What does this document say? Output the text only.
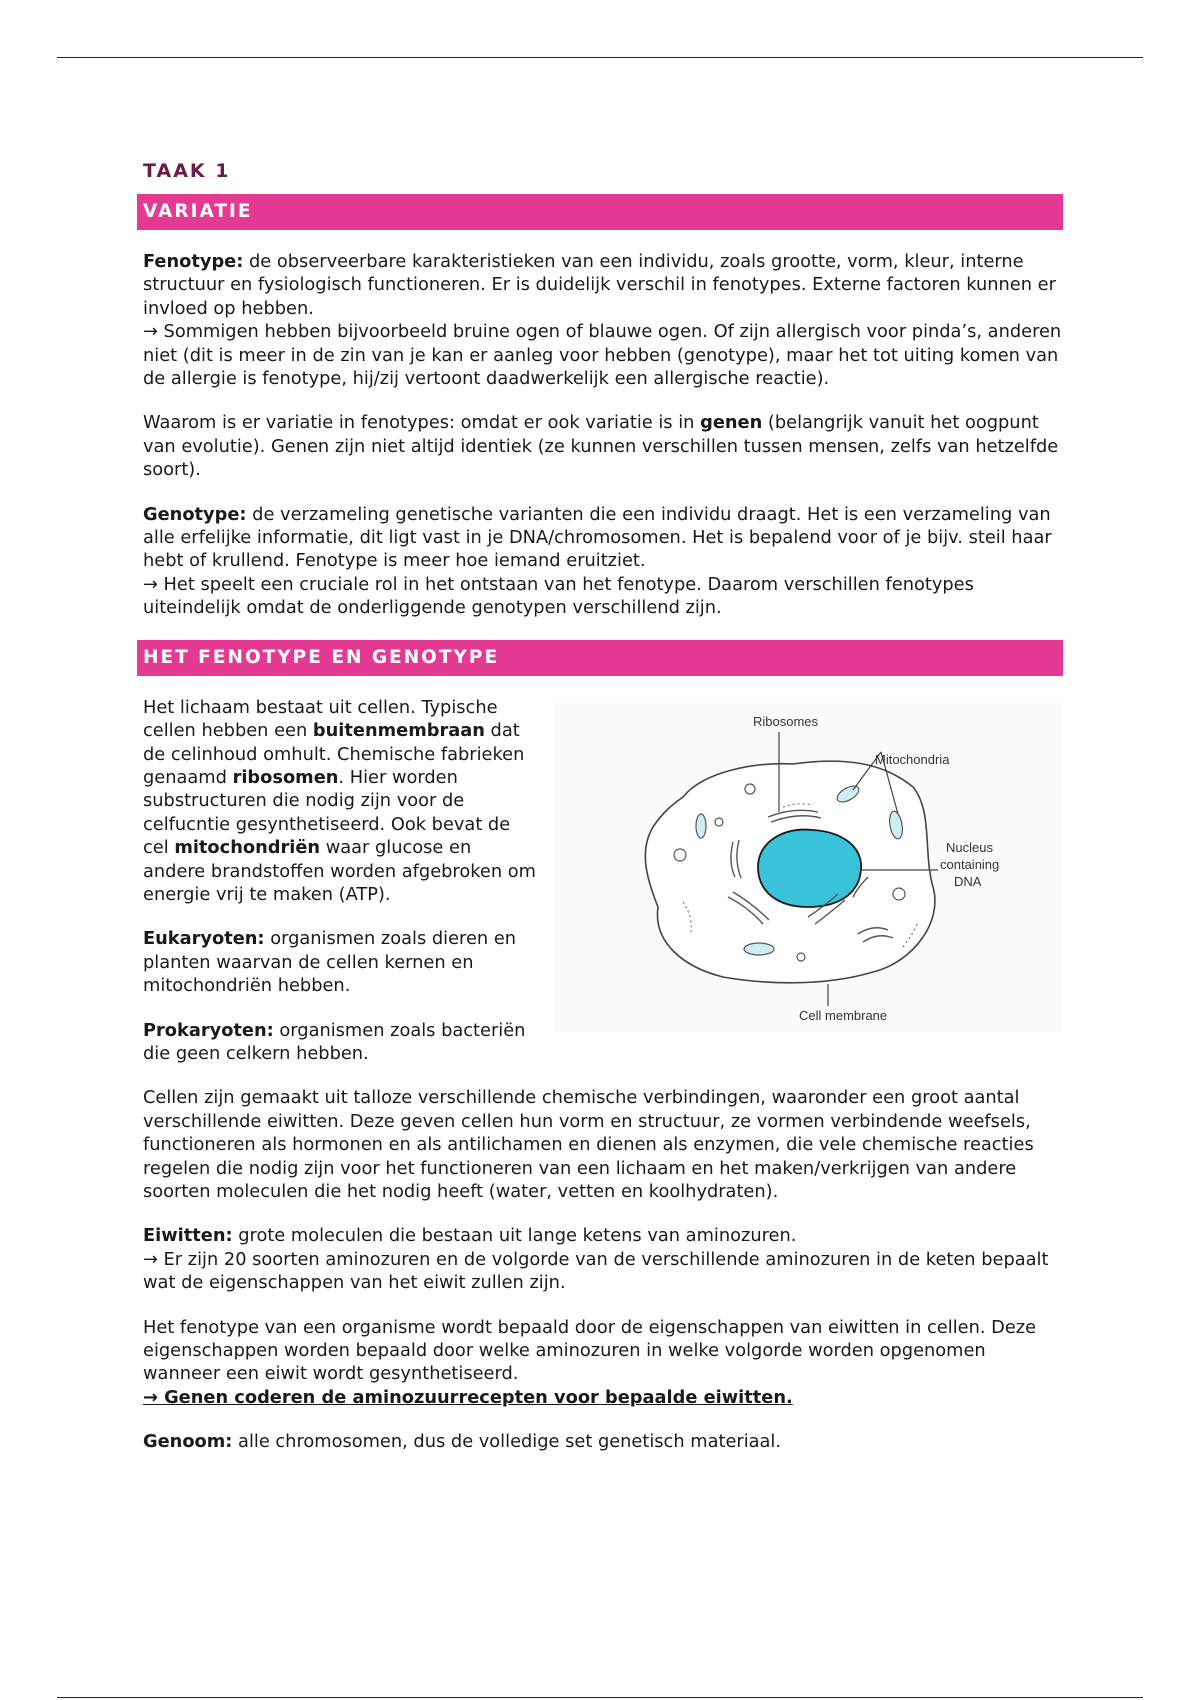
TAAK 1
VARIATIE

Fenotype: de observeerbare karakteristieken van een individu, zoals grootte, vorm, kleur, interne structuur en fysiologisch functioneren. Er is duidelijk verschil in fenotypes. Externe factoren kunnen er invloed op hebben.
→ Sommigen hebben bijvoorbeeld bruine ogen of blauwe ogen. Of zijn allergisch voor pinda’s, anderen niet (dit is meer in de zin van je kan er aanleg voor hebben (genotype), maar het tot uiting komen van de allergie is fenotype, hij/zij vertoont daadwerkelijk een allergische reactie).

Waarom is er variatie in fenotypes: omdat er ook variatie is in genen (belangrijk vanuit het oogpunt van evolutie). Genen zijn niet altijd identiek (ze kunnen verschillen tussen mensen, zelfs van hetzelfde soort).

Genotype: de verzameling genetische varianten die een individu draagt. Het is een verzameling van alle erfelijke informatie, dit ligt vast in je DNA/chromosomen. Het is bepalend voor of je bijv. steil haar hebt of krullend. Fenotype is meer hoe iemand eruitziet.
→ Het speelt een cruciale rol in het ontstaan van het fenotype. Daarom verschillen fenotypes uiteindelijk omdat de onderliggende genotypen verschillend zijn.

HET FENOTYPE EN GENOTYPE

Het lichaam bestaat uit cellen. Typische cellen hebben een buitenmembraan dat de celinhoud omhult. Chemische fabrieken genaamd ribosomen. Hier worden substructuren die nodig zijn voor de celfucntie gesynthetiseerd. Ook bevat de cel mitochondriën waar glucose en andere brandstoffen worden afgebroken om energie vrij te maken (ATP).

Eukaryoten: organismen zoals dieren en planten waarvan de cellen kernen en mitochondriën hebben.

Prokaryoten: organismen zoals bacteriën die geen celkern hebben.

Ribosomes
Mitochondria
Nucleus
containing
DNA
Cell membrane

Cellen zijn gemaakt uit talloze verschillende chemische verbindingen, waaronder een groot aantal verschillende eiwitten. Deze geven cellen hun vorm en structuur, ze vormen verbindende weefsels, functioneren als hormonen en als antilichamen en dienen als enzymen, die vele chemische reacties regelen die nodig zijn voor het functioneren van een lichaam en het maken/verkrijgen van andere soorten moleculen die het nodig heeft (water, vetten en koolhydraten).

Eiwitten: grote moleculen die bestaan uit lange ketens van aminozuren.
→ Er zijn 20 soorten aminozuren en de volgorde van de verschillende aminozuren in de keten bepaalt wat de eigenschappen van het eiwit zullen zijn.

Het fenotype van een organisme wordt bepaald door de eigenschappen van eiwitten in cellen. Deze eigenschappen worden bepaald door welke aminozuren in welke volgorde worden opgenomen wanneer een eiwit wordt gesynthetiseerd.
→ Genen coderen de aminozuurrecepten voor bepaalde eiwitten.

Genoom: alle chromosomen, dus de volledige set genetisch materiaal.
